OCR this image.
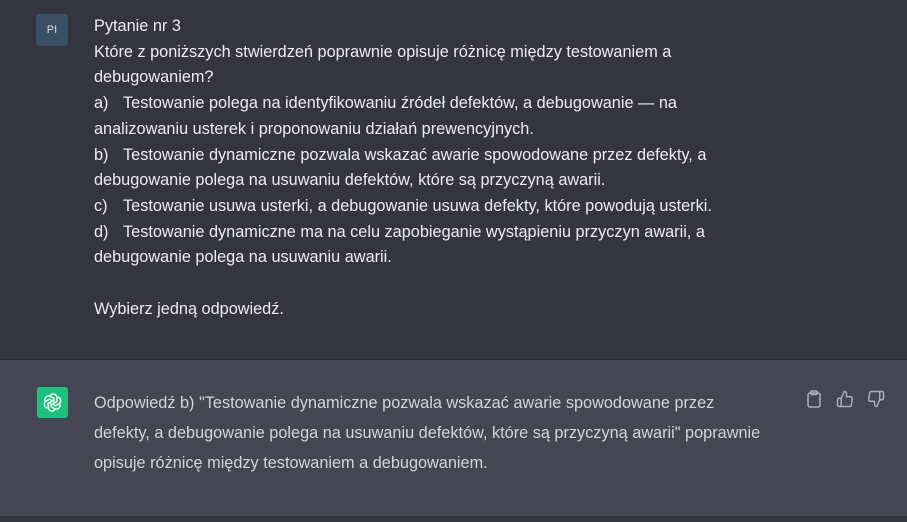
PI	Pytanie nr 3
Które z poniższych stwierdzeń poprawnie opisuje różnicę między testowaniem a
debugowaniem?
a) Testowanie polega na identyfikowaniu źródeł defektów, a debugowanie — na
analizowaniu usterek i proponowaniu działań prewencyjnych.
b) Testowanie dynamiczne pozwala wskazać awarie spowodowane przez defekty, a
debugowanie polega na usuwaniu defektów, które są przyczyną awarii.
c) Testowanie usuwa usterki, a debugowanie usuwa defekty, które powodują usterki.
d) Testowanie dynamiczne ma na celu zapobieganie wystąpieniu przyczyn awarii, a
debugowanie polega na usuwaniu awarii.
Wybierz jedną odpowiedź.
Odpowiedź b) "Testowanie dynamiczne pozwala wskazać awarie spowodowane przez
defekty, a debugowanie polega na usuwaniu defektów, które są przyczyną awarii" poprawnie
opisuje różnicę między testowaniem a debugowaniem.
